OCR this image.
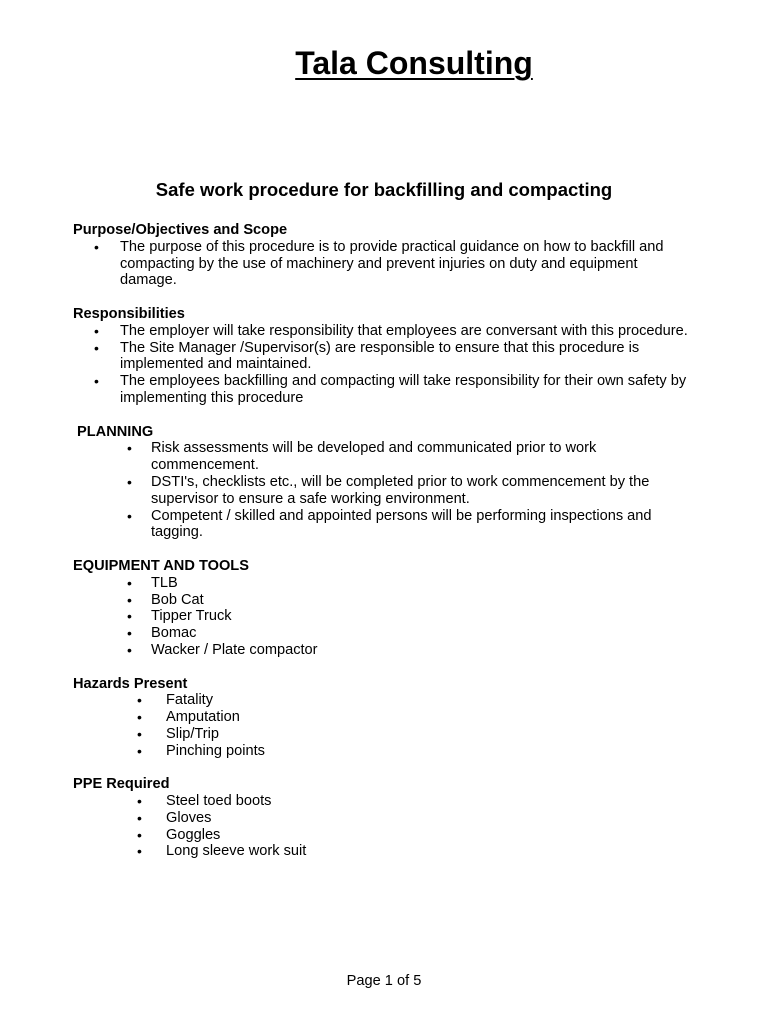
Tala Consulting
Safe work procedure for backfilling and compacting

Purpose/Objectives and Scope

• The purpose of this procedure is to provide practical guidance on how to backfill and compacting by the use of machinery and prevent injuries on duty and equipment damage.

Responsibilities

• The employer will take responsibility that employees are conversant with this procedure.
• The Site Manager /Supervisor(s) are responsible to ensure that this procedure is implemented and maintained.
• The employees backfilling and compacting will take responsibility for their own safety by implementing this procedure

PLANNING

• Risk assessments will be developed and communicated prior to work commencement.
• DSTI's, checklists etc., will be completed prior to work commencement by the supervisor to ensure a safe working environment.
• Competent / skilled and appointed persons will be performing inspections and tagging.

EQUIPMENT AND TOOLS

• TLB
• Bob Cat
• Tipper Truck
• Bomac
• Wacker / Plate compactor

Hazards Present

• Fatality
• Amputation
• Slip/Trip
• Pinching points

PPE Required

• Steel toed boots
• Gloves
• Goggles
• Long sleeve work suit
Page 1 of 5
